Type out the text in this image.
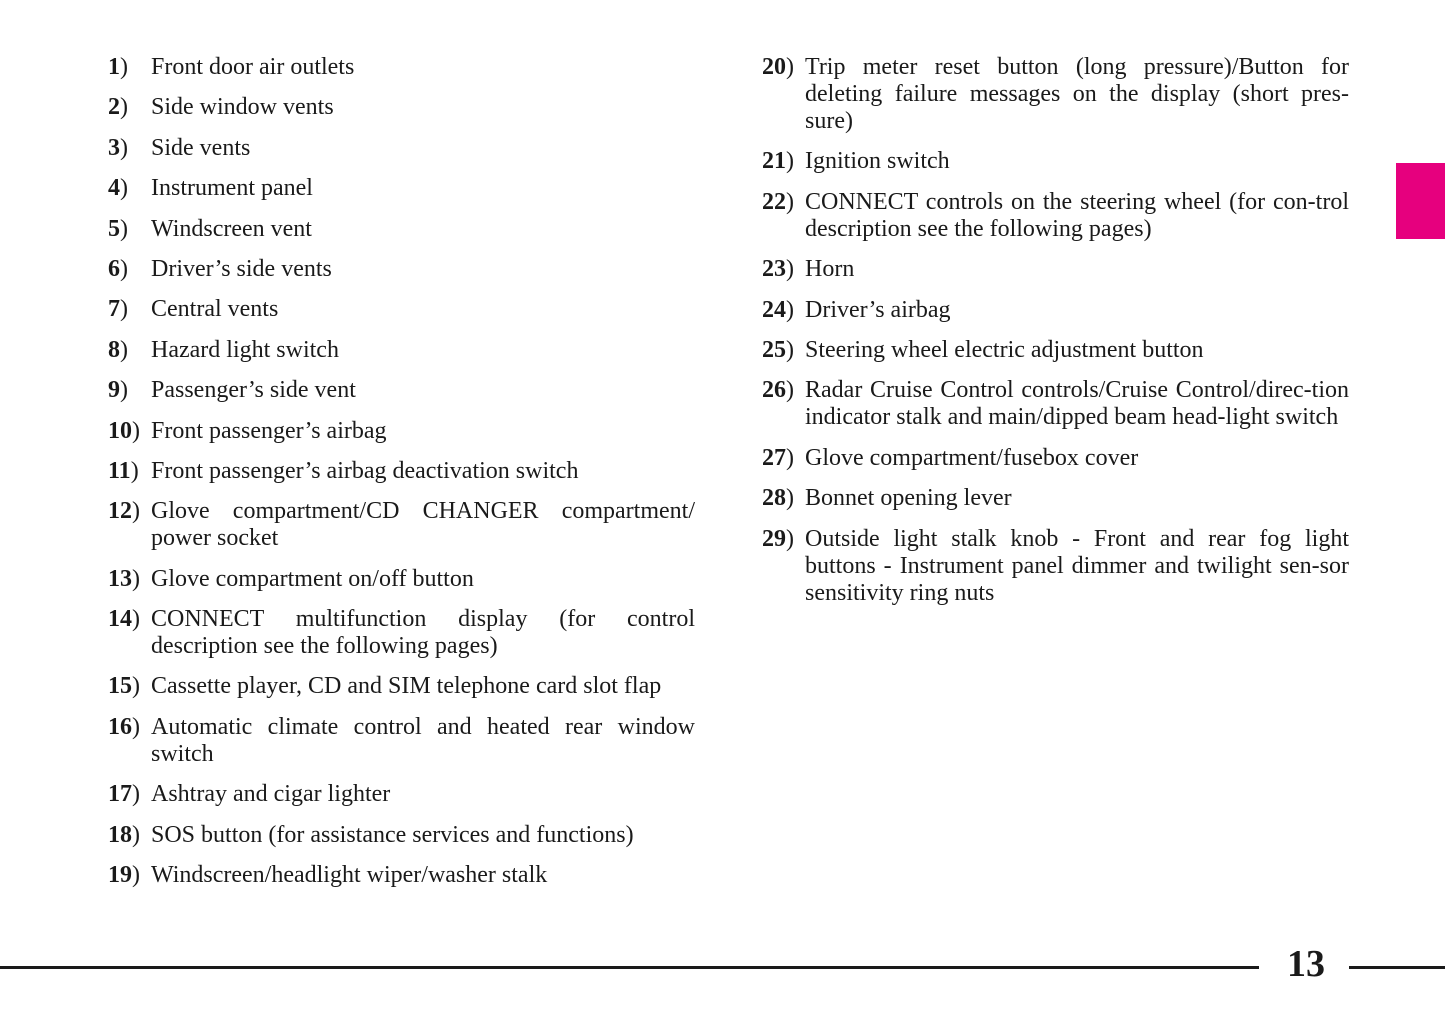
1) Front door air outlets
2) Side window vents
3) Side vents
4) Instrument panel
5) Windscreen vent
6) Driver’s side vents
7) Central vents
8) Hazard light switch
9) Passenger’s side vent
10) Front passenger’s airbag
11) Front passenger’s airbag deactivation switch
12) Glove compartment/CD CHANGER compartment/ power socket
13) Glove compartment on/off button
14) CONNECT multifunction display (for control description see the following pages)
15) Cassette player, CD and SIM telephone card slot flap
16) Automatic climate control and heated rear window switch
17) Ashtray and cigar lighter
18) SOS button (for assistance services and functions)
19) Windscreen/headlight wiper/washer stalk
20) Trip meter reset button (long pressure)/Button for deleting failure messages on the display (short pres-sure)
21) Ignition switch
22) CONNECT controls on the steering wheel (for con-trol description see the following pages)
23) Horn
24) Driver’s airbag
25) Steering wheel electric adjustment button
26) Radar Cruise Control controls/Cruise Control/direc-tion indicator stalk and main/dipped beam head-light switch
27) Glove compartment/fusebox cover
28) Bonnet opening lever
29) Outside light stalk knob - Front and rear fog light buttons - Instrument panel dimmer and twilight sen-sor sensitivity ring nuts
13
